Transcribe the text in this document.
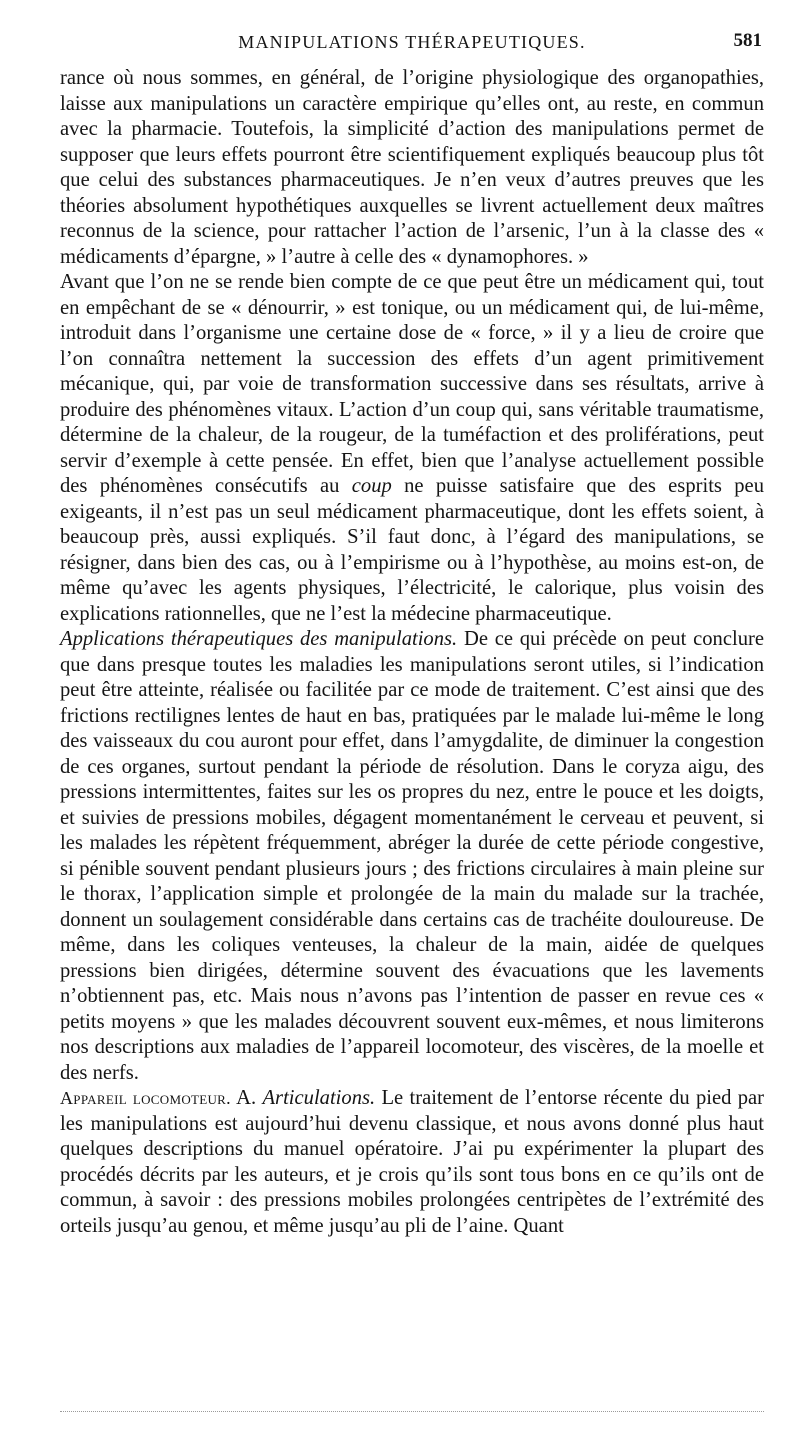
MANIPULATIONS THÉRAPEUTIQUES.	581

rance où nous sommes, en général, de l’origine physiologique des organopathies, laisse aux manipulations un caractère empirique qu’elles ont, au reste, en commun avec la pharmacie. Toutefois, la simplicité d’action des manipulations permet de supposer que leurs effets pourront être scientifiquement expliqués beaucoup plus tôt que celui des substances pharmaceutiques. Je n’en veux d’autres preuves que les théories absolument hypothétiques auxquelles se livrent actuellement deux maîtres reconnus de la science, pour rattacher l’action de l’arsenic, l’un à la classe des « médicaments d’épargne, » l’autre à celle des « dynamophores. »

Avant que l’on ne se rende bien compte de ce que peut être un médicament qui, tout en empêchant de se « dénourrir, » est tonique, ou un médicament qui, de lui-même, introduit dans l’organisme une certaine dose de « force, » il y a lieu de croire que l’on connaîtra nettement la succession des effets d’un agent primitivement mécanique, qui, par voie de transformation successive dans ses résultats, arrive à produire des phénomènes vitaux. L’action d’un coup qui, sans véritable traumatisme, détermine de la chaleur, de la rougeur, de la tuméfaction et des proliférations, peut servir d’exemple à cette pensée. En effet, bien que l’analyse actuellement possible des phénomènes consécutifs au coup ne puisse satisfaire que des esprits peu exigeants, il n’est pas un seul médicament pharmaceutique, dont les effets soient, à beaucoup près, aussi expliqués. S’il faut donc, à l’égard des manipulations, se résigner, dans bien des cas, ou à l’empirisme ou à l’hypothèse, au moins est-on, de même qu’avec les agents physiques, l’électricité, le calorique, plus voisin des explications rationnelles, que ne l’est la médecine pharmaceutique.

Applications thérapeutiques des manipulations. De ce qui précède on peut conclure que dans presque toutes les maladies les manipulations seront utiles, si l’indication peut être atteinte, réalisée ou facilitée par ce mode de traitement. C’est ainsi que des frictions rectilignes lentes de haut en bas, pratiquées par le malade lui-même le long des vaisseaux du cou auront pour effet, dans l’amygdalite, de diminuer la congestion de ces organes, surtout pendant la période de résolution. Dans le coryza aigu, des pressions intermittentes, faites sur les os propres du nez, entre le pouce et les doigts, et suivies de pressions mobiles, dégagent momentanément le cerveau et peuvent, si les malades les répètent fréquemment, abréger la durée de cette période congestive, si pénible souvent pendant plusieurs jours ; des frictions circulaires à main pleine sur le thorax, l’application simple et prolongée de la main du malade sur la trachée, donnent un soulagement considérable dans certains cas de trachéite douloureuse. De même, dans les coliques venteuses, la chaleur de la main, aidée de quelques pressions bien dirigées, détermine souvent des évacuations que les lavements n’obtiennent pas, etc. Mais nous n’avons pas l’intention de passer en revue ces « petits moyens » que les malades découvrent souvent eux-mêmes, et nous limiterons nos descriptions aux maladies de l’appareil locomoteur, des viscères, de la moelle et des nerfs.

Appareil locomoteur. A. Articulations. Le traitement de l’entorse récente du pied par les manipulations est aujourd’hui devenu classique, et nous avons donné plus haut quelques descriptions du manuel opératoire. J’ai pu expérimenter la plupart des procédés décrits par les auteurs, et je crois qu’ils sont tous bons en ce qu’ils ont de commun, à savoir : des pressions mobiles prolongées centripètes de l’extrémité des orteils jusqu’au genou, et même jusqu’au pli de l’aine. Quant
